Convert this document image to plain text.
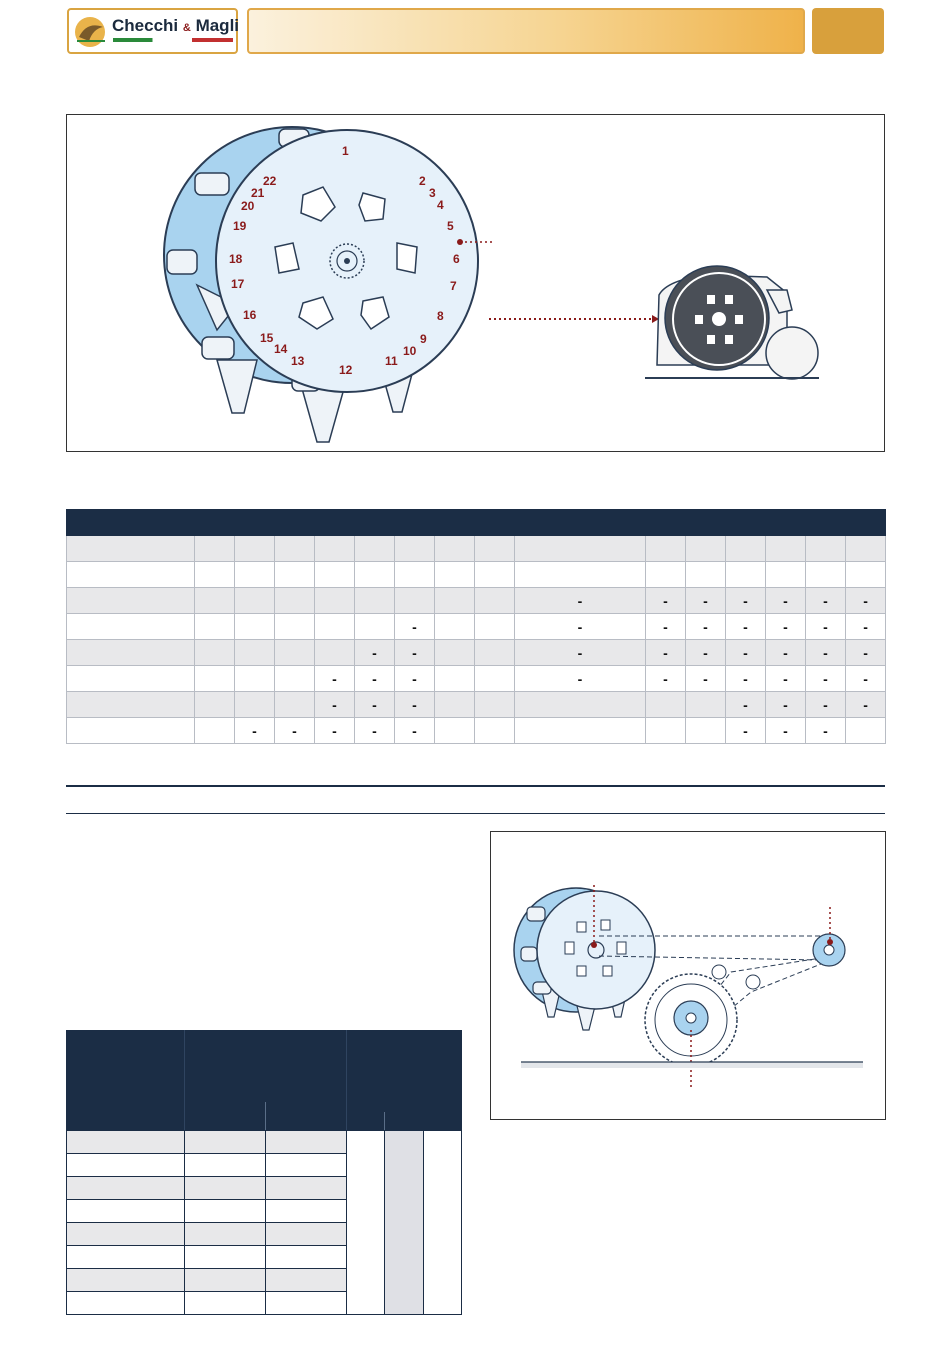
Checchi & Magli
1
2
3
4
5
6
7
8
9
10
11
12
13
14
15
16
17
18
19
20
21
22

									-	-	-	-	-	-	-
						-			-	-	-	-	-	-	-
					-	-			-	-	-	-	-	-	-
				-	-	-			-	-	-	-	-	-	-
				-	-	-						-	-	-	-
		-	-	-	-	-						-	-	-	
